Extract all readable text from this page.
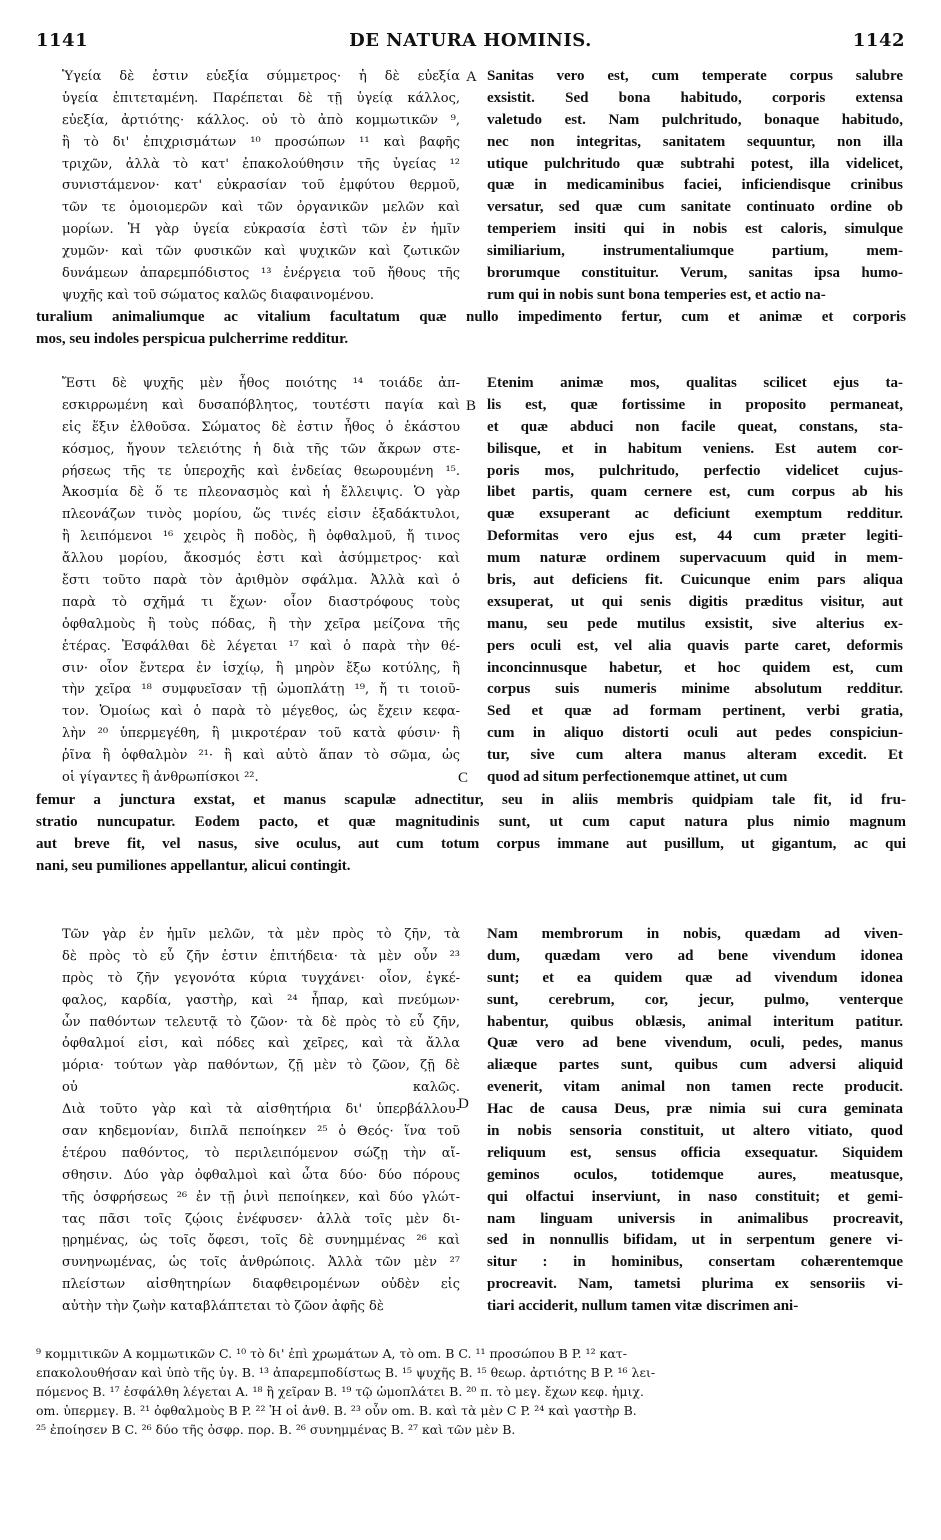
1141	DE NATURA HOMINIS.	1142
Ὑγεία δὲ ἐστιν εὐεξία σύμμετρος· ἡ δὲ εὐεξία
ὑγεία ἐπιτεταμένη. Παρέπεται δὲ τῇ ὑγείᾳ κάλλος,
εὐεξία, ἀρτιότης· κάλλος. οὐ τὸ ἀπὸ κομμωτικῶν ⁹,
ἢ τὸ δι' ἐπιχρισμάτων ¹⁰ προσώπων ¹¹ καὶ βαφῆς
τριχῶν, ἀλλὰ τὸ κατ' ἐπακολούθησιν τῆς ὑγείας ¹²
συνιστάμενον· κατ' εὐκρασίαν τοῦ ἐμφύτου θερμοῦ,
τῶν τε ὁμοιομερῶν καὶ τῶν ὀργανικῶν μελῶν καὶ
μορίων. Ἡ γὰρ ὑγεία εὐκρασία ἐστὶ τῶν ἐν ἡμῖν
χυμῶν· καὶ τῶν φυσικῶν καὶ ψυχικῶν καὶ ζωτικῶν
δυνάμεων ἀπαρεμπόδιστος ¹³ ἐνέργεια τοῦ ἤθους τῆς
ψυχῆς καὶ τοῦ σώματος καλῶς διαφαινομένου.
A Sanitas vero est, cum temperate corpus salubre
exsistit. Sed bona habitudo, corporis extensa
valetudo est. Nam pulchritudo, bonaque habitudo,
nec non integritas, sanitatem sequuntur, non illa
utique pulchritudo quæ subtrahi potest, illa videlicet,
quæ in medicaminibus faciei, inficiendisque crinibus
versatur, sed quæ cum sanitate continuato ordine ob
temperiem insiti qui in nobis est caloris, simulque
similiarium, instrumentaliumque partium, mem-
brorumque constituitur. Verum, sanitas ipsa humo-
rum qui in nobis sunt bona temperies est, et actio na-
turalium animaliumque ac vitalium facultatum quæ nullo impedimento fertur, cum et animæ et corporis
mos, seu indoles perspicua pulcherrime redditur.
Ἔστι δὲ ψυχῆς μὲν ἦθος ποιότης ¹⁴ τοιάδε ἀπ-
εσκιρρωμένη καὶ δυσαπόβλητος, τουτέστι παγία καὶ
εἰς ἕξιν ἐλθοῦσα. Σώματος δὲ ἐστιν ἦθος ὁ ἑκάστου
κόσμος, ἤγουν τελειότης ἡ διὰ τῆς τῶν ἄκρων στε-
ρήσεως τῆς τε ὑπεροχῆς καὶ ἐνδείας θεωρουμένη ¹⁵.
Ἀκοσμία δὲ ὅ τε πλεονασμὸς καὶ ἡ ἔλλειψις. Ὁ γὰρ
πλεονάζων τινὸς μορίου, ὥς τινές εἰσιν ἑξαδάκτυλοι,
ἢ λειπόμενοι ¹⁶ χειρὸς ἢ ποδὸς, ἢ ὀφθαλμοῦ, ἤ τινος
ἄλλου μορίου, ἄκοσμός ἐστι καὶ ἀσύμμετρος· καὶ
ἔστι τοῦτο παρὰ τὸν ἀριθμὸν σφάλμα. Ἀλλὰ καὶ ὁ
παρὰ τὸ σχῆμά τι ἔχων· οἷον διαστρόφους τοὺς
ὀφθαλμοὺς ἢ τοὺς πόδας, ἢ τὴν χεῖρα μείζονα τῆς
ἑτέρας. Ἐσφάλθαι δὲ λέγεται ¹⁷ καὶ ὁ παρὰ τὴν θέ-
σιν· οἷον ἔντερα ἐν ἰσχίῳ, ἢ μηρὸν ἔξω κοτύλης, ἢ
τὴν χεῖρα ¹⁸ συμφυεῖσαν τῇ ὠμοπλάτῃ ¹⁹, ἤ τι τοιοῦ-
τον. Ὁμοίως καὶ ὁ παρὰ τὸ μέγεθος, ὡς ἔχειν κεφα-
λὴν ²⁰ ὑπερμεγέθη, ἢ μικροτέραν τοῦ κατὰ φύσιν· ἢ
ῥῖνα ἢ ὀφθαλμὸν ²¹· ἢ καὶ αὐτὸ ἅπαν τὸ σῶμα, ὡς
οἱ γίγαντες ἢ ἀνθρωπίσκοι ²².
B
C
Etenim animæ mos, qualitas scilicet ejus ta-
lis est, quæ fortissime in proposito permaneat,
et quæ abduci non facile queat, constans, sta-
bilisque, et in habitum veniens. Est autem cor-
poris mos, pulchritudo, perfectio videlicet cujus-
libet partis, quam cernere est, cum corpus ab his
quæ exsuperant ac deficiunt exemptum redditur.
Deformitas vero ejus est, 44 cum præter legiti-
mum naturæ ordinem supervacuum quid in mem-
bris, aut deficiens fit. Cuicunque enim pars aliqua
exsuperat, ut qui senis digitis præditus visitur, aut
manu, seu pede mutilus exsistit, sive alterius ex-
pers oculi est, vel alia quavis parte caret, deformis
inconcinnusque habetur, et hoc quidem est, cum
corpus suis numeris minime absolutum redditur.
Sed et quæ ad formam pertinent, verbi gratia,
cum in aliquo distorti oculi aut pedes conspiciun-
tur, sive cum altera manus alteram excedit. Et
quod ad situm perfectionemque attinet, ut cum
femur a junctura exstat, et manus scapulæ adnectitur, seu in aliis membris quidpiam tale fit, id fru-
stratio nuncupatur. Eodem pacto, et quæ magnitudinis sunt, ut cum caput natura plus nimio magnum
aut breve fit, vel nasus, sive oculus, aut cum totum corpus immane aut pusillum, ut gigantum, ac qui
nani, seu pumiliones appellantur, alicui contingit.
Τῶν γὰρ ἐν ἡμῖν μελῶν, τὰ μὲν πρὸς τὸ ζῆν, τὰ
δὲ πρὸς τὸ εὖ ζῆν ἐστιν ἐπιτήδεια· τὰ μὲν οὖν ²³
πρὸς τὸ ζῆν γεγονότα κύρια τυγχάνει· οἷον, ἐγκέ-
φαλος, καρδία, γαστὴρ, καὶ ²⁴ ἧπαρ, καὶ πνεύμων·
ὧν παθόντων τελευτᾷ τὸ ζῶον· τὰ δὲ πρὸς τὸ εὖ ζῆν,
ὀφθαλμοί εἰσι, καὶ πόδες καὶ χεῖρες, καὶ τὰ ἄλλα
μόρια· τούτων γὰρ παθόντων, ζῇ μὲν τὸ ζῶον, ζῇ δὲ
οὐ καλῶς.
Διὰ τοῦτο γὰρ καὶ τὰ αἰσθητήρια δι' ὑπερβάλλου-
σαν κηδεμονίαν, διπλᾶ πεποίηκεν ²⁵ ὁ Θεός· ἵνα τοῦ
ἑτέρου παθόντος, τὸ περιλειπόμενον σώζῃ τὴν αἴ-
σθησιν. Δύο γὰρ ὀφθαλμοὶ καὶ ὦτα δύο· δύο πόρους
τῆς ὀσφρήσεως ²⁶ ἐν τῇ ῥινὶ πεποίηκεν, καὶ δύο γλώτ-
τας πᾶσι τοῖς ζῴοις ἐνέφυσεν· ἀλλὰ τοῖς μὲν δι-
ῃρημένας, ὡς τοῖς ὄφεσι, τοῖς δὲ συνημμένας ²⁶ καὶ
συνηνωμένας, ὡς τοῖς ἀνθρώποις. Ἀλλὰ τῶν μὲν ²⁷
πλείστων αἰσθητηρίων διαφθειρομένων οὐδὲν εἰς
αὐτὴν τὴν ζωὴν καταβλάπτεται τὸ ζῶον ἀφῆς δὲ
D
Nam membrorum in nobis, quædam ad viven-
dum, quædam vero ad bene vivendum idonea
sunt; et ea quidem quæ ad vivendum idonea
sunt, cerebrum, cor, jecur, pulmo, venterque
habentur, quibus oblæsis, animal interitum patitur.
Quæ vero ad bene vivendum, oculi, pedes, manus
aliæque partes sunt, quibus cum adversi aliquid
evenerit, vitam animal non tamen recte producit.
Hac de causa Deus, præ nimia sui cura geminata
in nobis sensoria constituit, ut altero vitiato, quod
reliquum est, sensus officia exsequatur. Siquidem
geminos oculos, totidemque aures, meatusque,
qui olfactui inserviunt, in naso constituit; et gemi-
nam linguam universis in animalibus procreavit,
sed in nonnullis bifidam, ut in serpentum genere vi-
situr : in hominibus, consertam cohærentemque
procreavit. Nam, tametsi plurima ex sensoriis vi-
tiari acciderit, nullum tamen vitæ discrimen ani-
⁹ κομμιτικῶν A κομμωτικῶν C. ¹⁰ τὸ δι' ἐπὶ χρωμάτων A, τὸ om. B C. ¹¹ προσώπου B P. ¹² κατ-
επακολουθήσαν καὶ ὑπὸ τῆς ὑγ. B. ¹³ ἀπαρεμποδίστως B. ¹⁵ ψυχῆς B. ¹⁵ θεωρ. ἀρτιότης B P. ¹⁶ λει-
πόμενος B. ¹⁷ ἐσφάλθη λέγεται A. ¹⁸ ἢ χεῖραν B. ¹⁹ τῷ ὠμοπλάτει B. ²⁰ π. τὸ μεγ. ἔχων κεφ. ἡμιχ.
om. ὑπερμεγ. B. ²¹ ὀφθαλμοὺς B P. ²² Ἡ οἱ ἀνθ. B. ²³ οὖν om. B. καὶ τὰ μὲν C P. ²⁴ καὶ γαστὴρ B.
²⁵ ἐποίησεν B C. ²⁶ δύο τῆς ὀσφρ. πορ. B. ²⁶ συνημμένας B. ²⁷ καὶ τῶν μὲν B.
